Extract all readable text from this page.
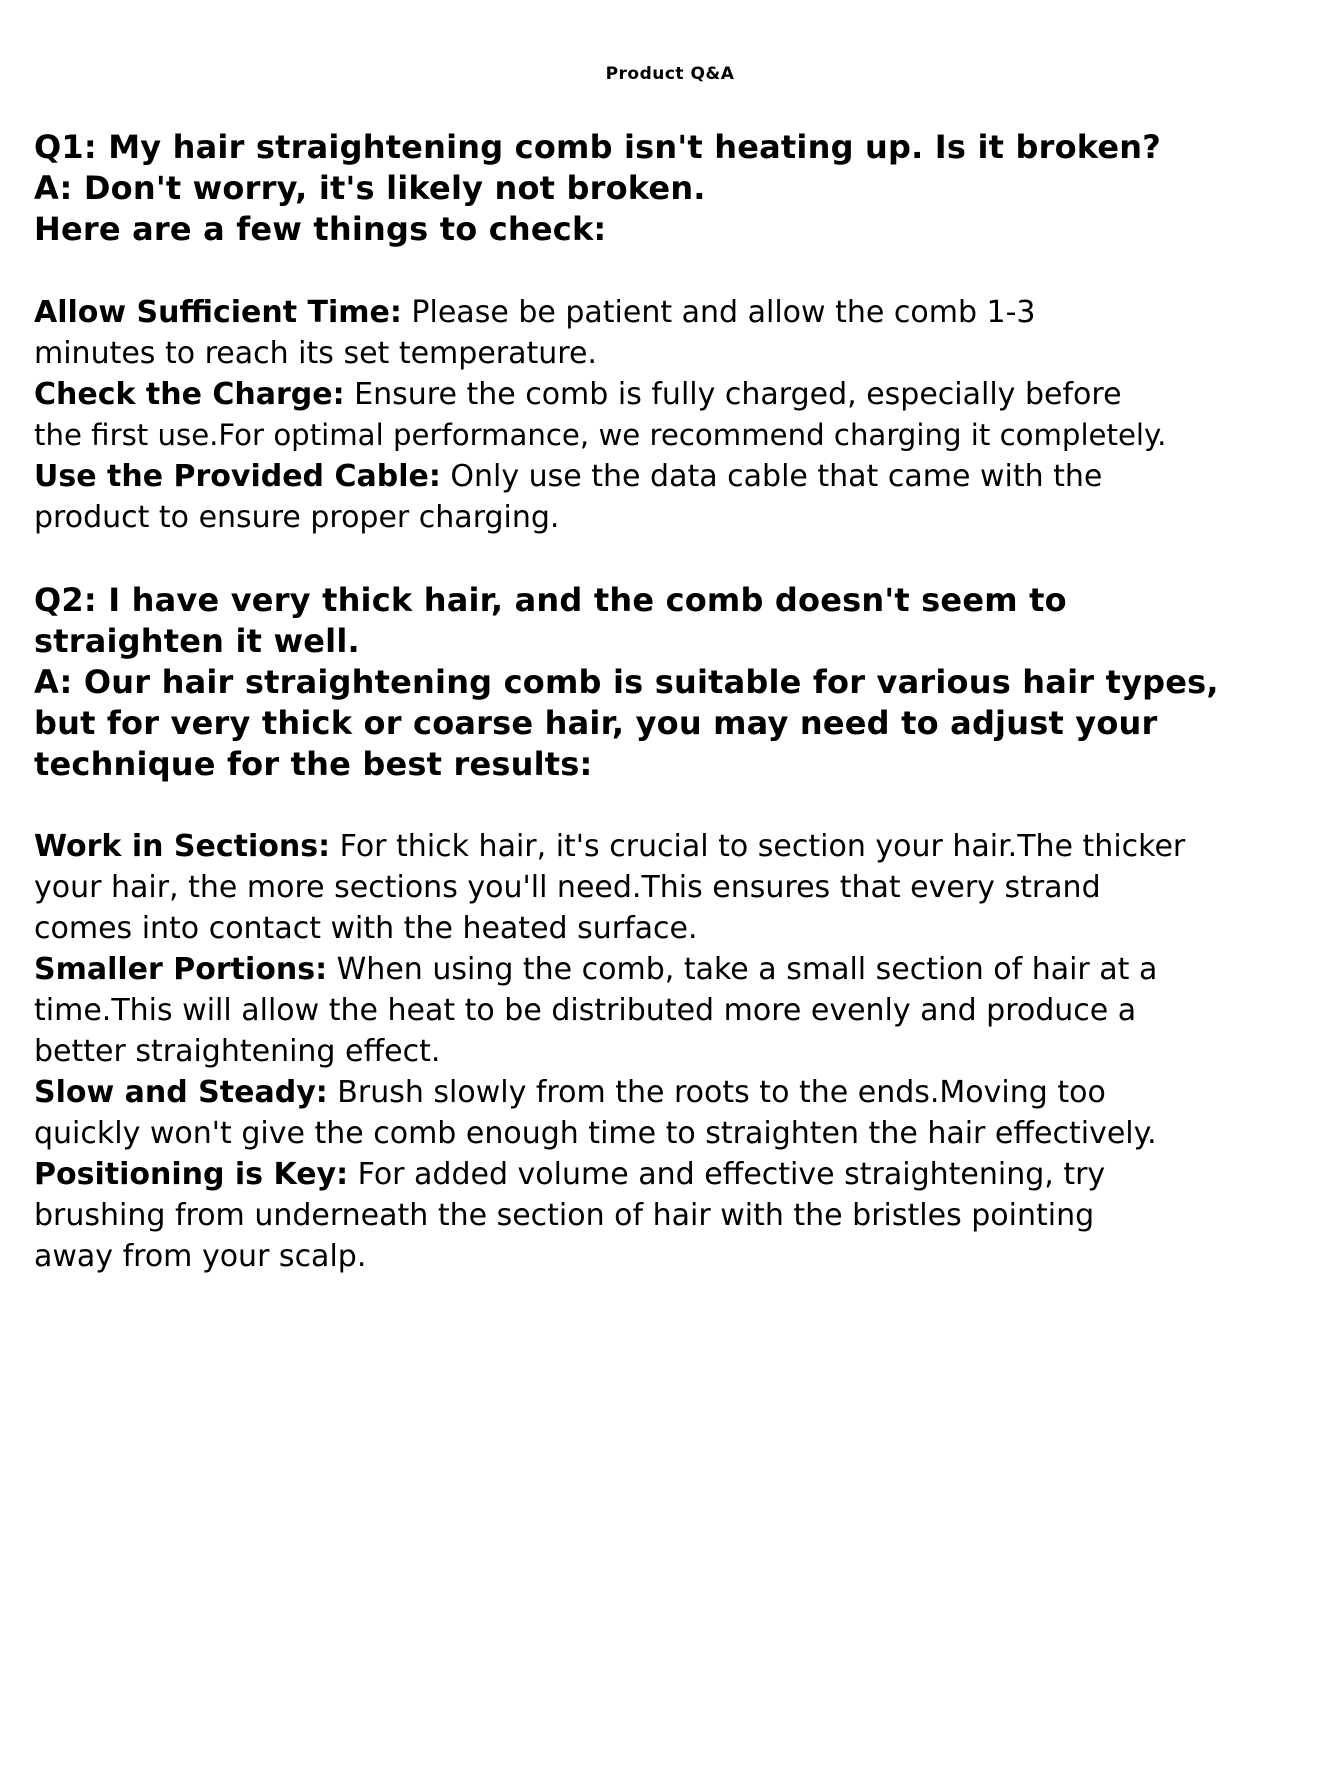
Product Q&A
Q1: My hair straightening comb isn't heating up. Is it broken?
A: Don't worry, it's likely not broken.
Here are a few things to check:
Allow Sufficient Time: Please be patient and allow the comb 1-3
minutes to reach its set temperature.
Check the Charge: Ensure the comb is fully charged, especially before
the first use.For optimal performance, we recommend charging it completely.
Use the Provided Cable: Only use the data cable that came with the
product to ensure proper charging.
Q2: I have very thick hair, and the comb doesn't seem to
straighten it well.
A: Our hair straightening comb is suitable for various hair types,
but for very thick or coarse hair, you may need to adjust your
technique for the best results:
Work in Sections: For thick hair, it's crucial to section your hair.The thicker
your hair, the more sections you'll need.This ensures that every strand
comes into contact with the heated surface.
Smaller Portions: When using the comb, take a small section of hair at a
time.This will allow the heat to be distributed more evenly and produce a
better straightening effect.
Slow and Steady: Brush slowly from the roots to the ends.Moving too
quickly won't give the comb enough time to straighten the hair effectively.
Positioning is Key: For added volume and effective straightening, try
brushing from underneath the section of hair with the bristles pointing
away from your scalp.
